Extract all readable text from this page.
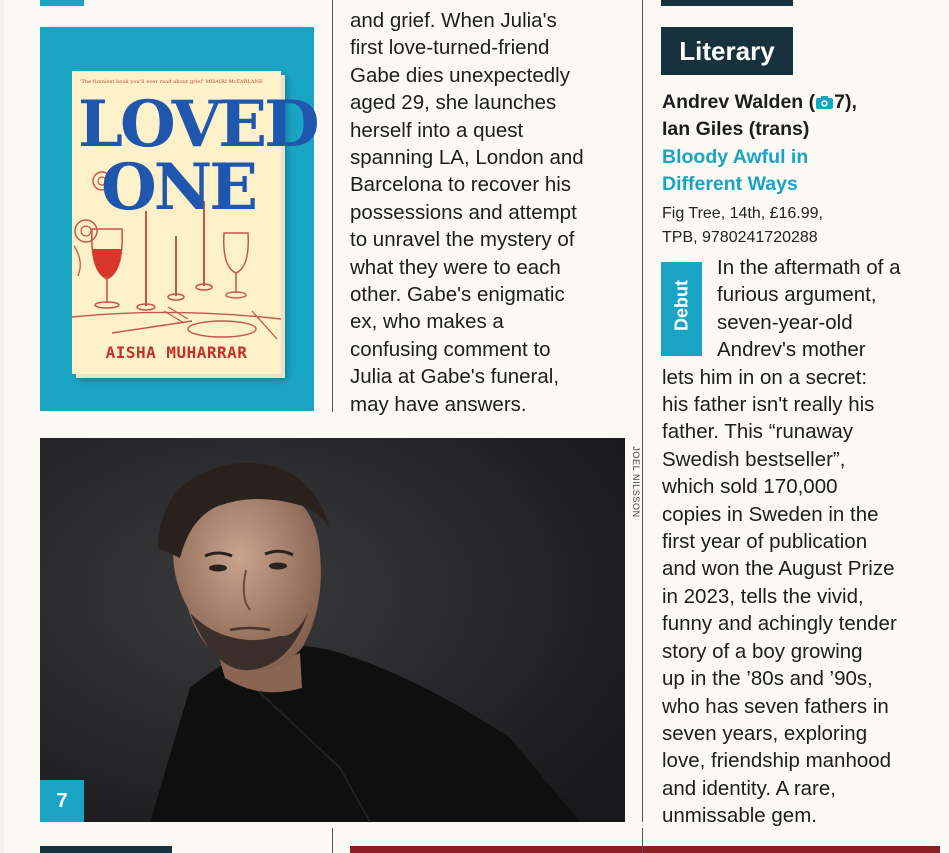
'The funniest book you'll ever read about grief' MHAIRI McFARLANE
LOVED
ONE
AISHA MUHARRAR
and grief. When Julia's
first love-turned-friend
Gabe dies unexpectedly
aged 29, she launches
herself into a quest
spanning LA, London and
Barcelona to recover his
possessions and attempt
to unravel the mystery of
what they were to each
other. Gabe's enigmatic
ex, who makes a
confusing comment to
Julia at Gabe's funeral,
may have answers.
JOEL NILSSON
7
Literary
Andrev Walden ( 7),
Ian Giles (trans)
Bloody Awful in
Different Ways
Fig Tree, 14th, £16.99,
TPB, 9780241720288
Debut
In the aftermath of a
furious argument,
seven-year-old
Andrev's mother
lets him in on a secret:
his father isn't really his
father. This “runaway
Swedish bestseller”,
which sold 170,000
copies in Sweden in the
first year of publication
and won the August Prize
in 2023, tells the vivid,
funny and achingly tender
story of a boy growing
up in the ’80s and ’90s,
who has seven fathers in
seven years, exploring
love, friendship manhood
and identity. A rare,
unmissable gem.
